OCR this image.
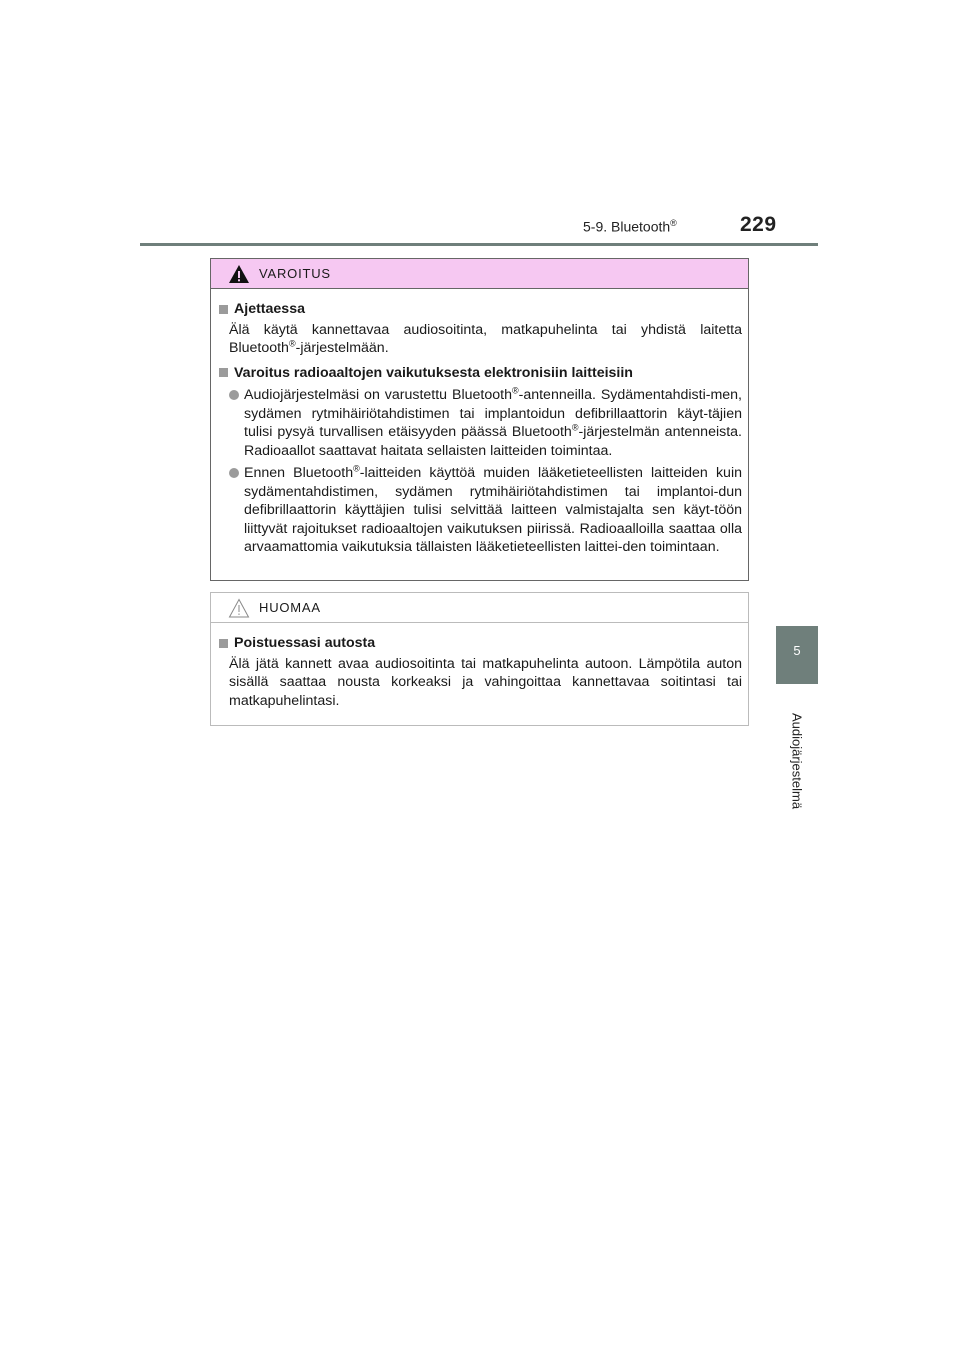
5-9. Bluetooth®	229
5
Audiojärjestelmä
VAROITUS
Ajettaessa
Älä käytä kannettavaa audiosoitinta, matkapuhelinta tai yhdistä laitetta Bluetooth®-järjestelmään.
Varoitus radioaaltojen vaikutuksesta elektronisiin laitteisiin
Audiojärjestelmäsi on varustettu Bluetooth®-antenneilla. Sydämentahdisti-men, sydämen rytmihäiriötahdistimen tai implantoidun defibrillaattorin käyt-täjien tulisi pysyä turvallisen etäisyyden päässä Bluetooth®-järjestelmän antenneista. Radioaallot saattavat haitata sellaisten laitteiden toimintaa.
Ennen Bluetooth®-laitteiden käyttöä muiden lääketieteellisten laitteiden kuin sydämentahdistimen, sydämen rytmihäiriötahdistimen tai implantoi-dun defibrillaattorin käyttäjien tulisi selvittää laitteen valmistajalta sen käyt-töön liittyvät rajoitukset radioaaltojen vaikutuksen piirissä. Radioaalloilla saattaa olla arvaamattomia vaikutuksia tällaisten lääketieteellisten laittei-den toimintaan.
HUOMAA
Poistuessasi autosta
Älä jätä kannett avaa audiosoitinta tai matkapuhelinta autoon. Lämpötila auton sisällä saattaa nousta korkeaksi ja vahingoittaa kannettavaa soitintasi tai matkapuhelintasi.
